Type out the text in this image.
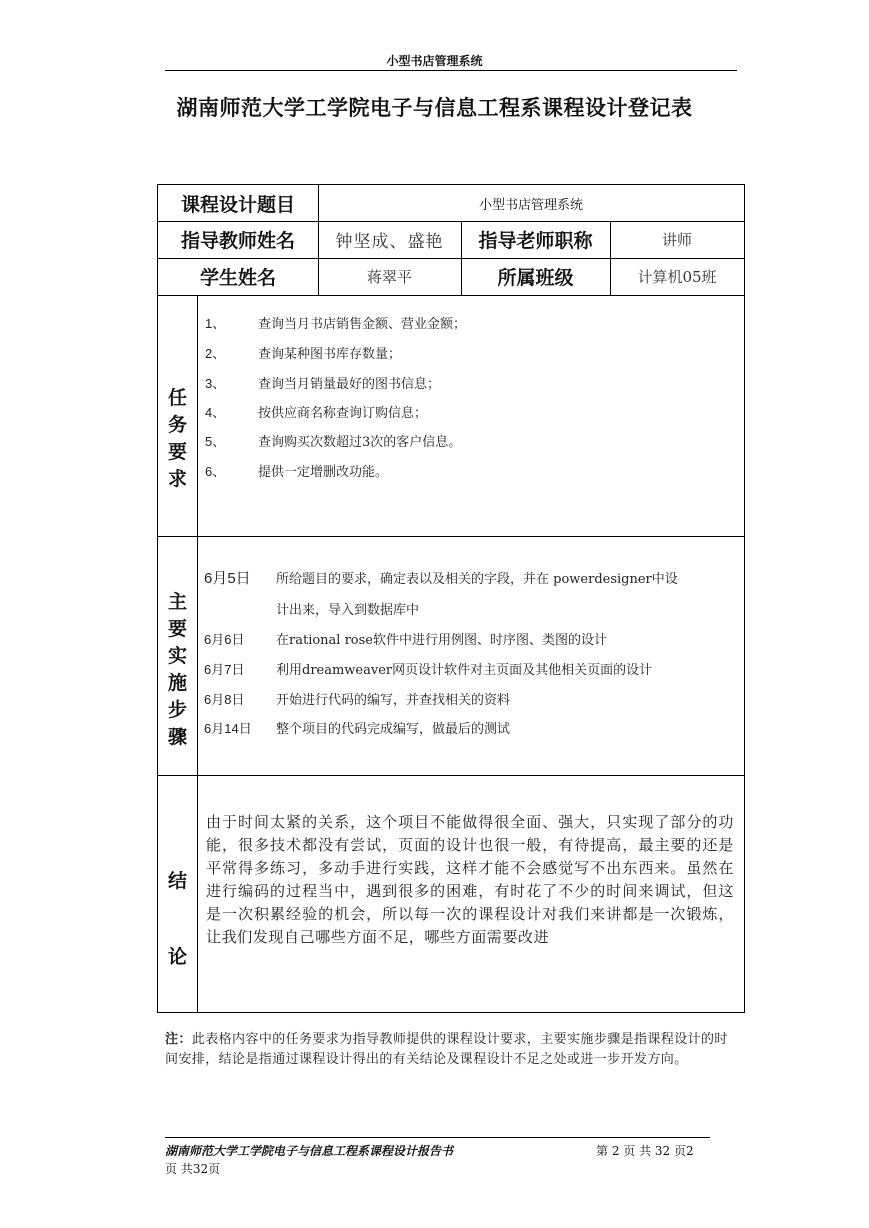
小型书店管理系统
湖南师范大学工学院电子与信息工程系课程设计登记表
课程设计题目	小型书店管理系统
指导教师姓名	钟坚成、盛艳	指导老师职称	讲师
学生姓名	蒋翠平	所属班级	计算机05班
任
务
要
求
1、	查询当月书店销售金额、营业金额；
2、	查询某种图书库存数量；
3、	查询当月销量最好的图书信息；
4、	按供应商名称查询订购信息；
5、	查询购买次数超过3次的客户信息。
6、	提供一定增删改功能。
主
要
实
施
步
骤
6月5日 所给题目的要求，确定表以及相关的字段，并在 powerdesigner中设
计出来，导入到数据库中
6月6日 在rational rose软件中进行用例图、时序图、类图的设计
6月7日 利用dreamweaver网页设计软件对主页面及其他相关页面的设计
6月8日 开始进行代码的编写，并查找相关的资料
6月14日 整个项目的代码完成编写，做最后的测试
结
论
由于时间太紧的关系，这个项目不能做得很全面、强大，只实现了部分的功能，很多技术都没有尝试，页面的设计也很一般，有待提高，最主要的还是平常得多练习，多动手进行实践，这样才能不会感觉写不出东西来。虽然在进行编码的过程当中，遇到很多的困难，有时花了不少的时间来调试，但这是一次积累经验的机会，所以每一次的课程设计对我们来讲都是一次锻炼，让我们发现自己哪些方面不足，哪些方面需要改进
注：此表格内容中的任务要求为指导教师提供的课程设计要求，主要实施步骤是指课程设计的时间安排，结论是指通过课程设计得出的有关结论及课程设计不足之处或进一步开发方向。
湖南师范大学工学院电子与信息工程系课程设计报告书	第 2 页 共 32 页2
页 共32页
